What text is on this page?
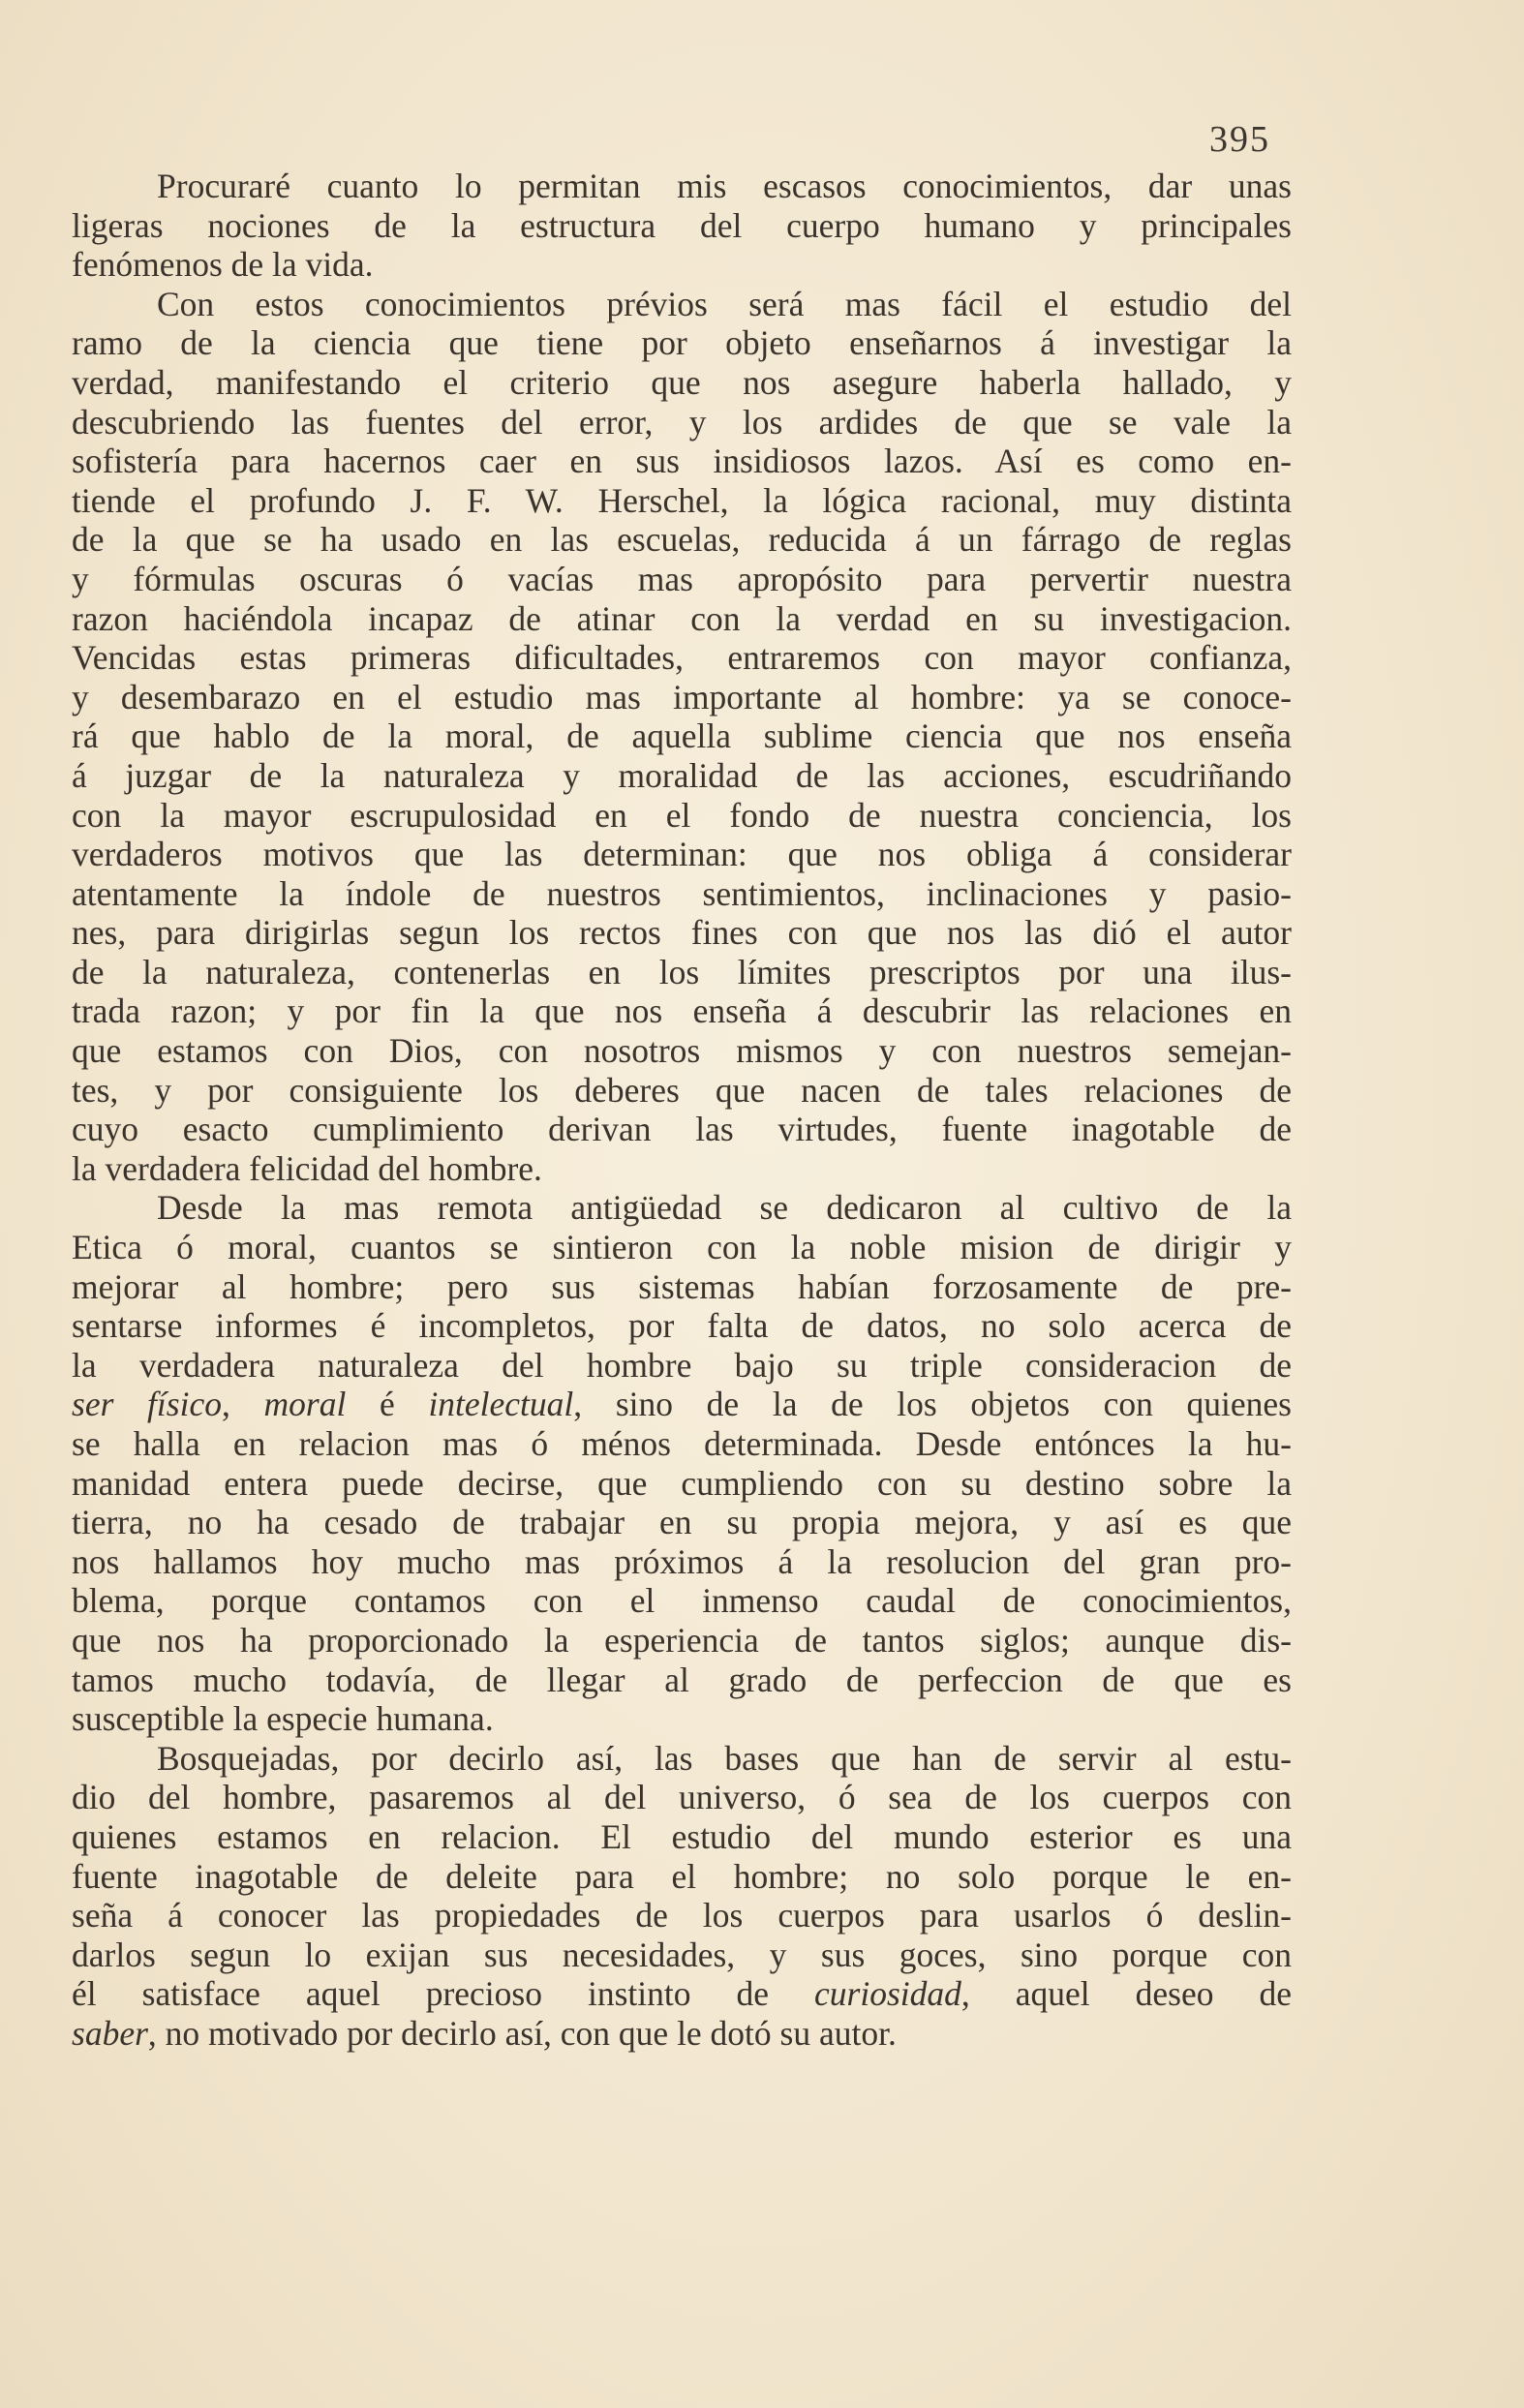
395
Procuraré cuanto lo permitan mis escasos conocimientos, dar unas
ligeras nociones de la estructura del cuerpo humano y principales
fenómenos de la vida.
Con estos conocimientos prévios será mas fácil el estudio del
ramo de la ciencia que tiene por objeto enseñarnos á investigar la
verdad, manifestando el criterio que nos asegure haberla hallado, y
descubriendo las fuentes del error, y los ardides de que se vale la
sofistería para hacernos caer en sus insidiosos lazos. Así es como en-
tiende el profundo J. F. W. Herschel, la lógica racional, muy distinta
de la que se ha usado en las escuelas, reducida á un fárrago de reglas
y fórmulas oscuras ó vacías mas apropósito para pervertir nuestra
razon haciéndola incapaz de atinar con la verdad en su investigacion.
Vencidas estas primeras dificultades, entraremos con mayor confianza,
y desembarazo en el estudio mas importante al hombre: ya se conoce-
rá que hablo de la moral, de aquella sublime ciencia que nos enseña
á juzgar de la naturaleza y moralidad de las acciones, escudriñando
con la mayor escrupulosidad en el fondo de nuestra conciencia, los
verdaderos motivos que las determinan: que nos obliga á considerar
atentamente la índole de nuestros sentimientos, inclinaciones y pasio-
nes, para dirigirlas segun los rectos fines con que nos las dió el autor
de la naturaleza, contenerlas en los límites prescriptos por una ilus-
trada razon; y por fin la que nos enseña á descubrir las relaciones en
que estamos con Dios, con nosotros mismos y con nuestros semejan-
tes, y por consiguiente los deberes que nacen de tales relaciones de
cuyo esacto cumplimiento derivan las virtudes, fuente inagotable de
la verdadera felicidad del hombre.
Desde la mas remota antigüedad se dedicaron al cultivo de la
Etica ó moral, cuantos se sintieron con la noble mision de dirigir y
mejorar al hombre; pero sus sistemas habían forzosamente de pre-
sentarse informes é incompletos, por falta de datos, no solo acerca de
la verdadera naturaleza del hombre bajo su triple consideracion de
ser físico, moral é intelectual, sino de la de los objetos con quienes
se halla en relacion mas ó ménos determinada. Desde entónces la hu-
manidad entera puede decirse, que cumpliendo con su destino sobre la
tierra, no ha cesado de trabajar en su propia mejora, y así es que
nos hallamos hoy mucho mas próximos á la resolucion del gran pro-
blema, porque contamos con el inmenso caudal de conocimientos,
que nos ha proporcionado la esperiencia de tantos siglos; aunque dis-
tamos mucho todavía, de llegar al grado de perfeccion de que es
susceptible la especie humana.
Bosquejadas, por decirlo así, las bases que han de servir al estu-
dio del hombre, pasaremos al del universo, ó sea de los cuerpos con
quienes estamos en relacion. El estudio del mundo esterior es una
fuente inagotable de deleite para el hombre; no solo porque le en-
seña á conocer las propiedades de los cuerpos para usarlos ó deslin-
darlos segun lo exijan sus necesidades, y sus goces, sino porque con
él satisface aquel precioso instinto de curiosidad, aquel deseo de
saber, no motivado por decirlo así, con que le dotó su autor.
